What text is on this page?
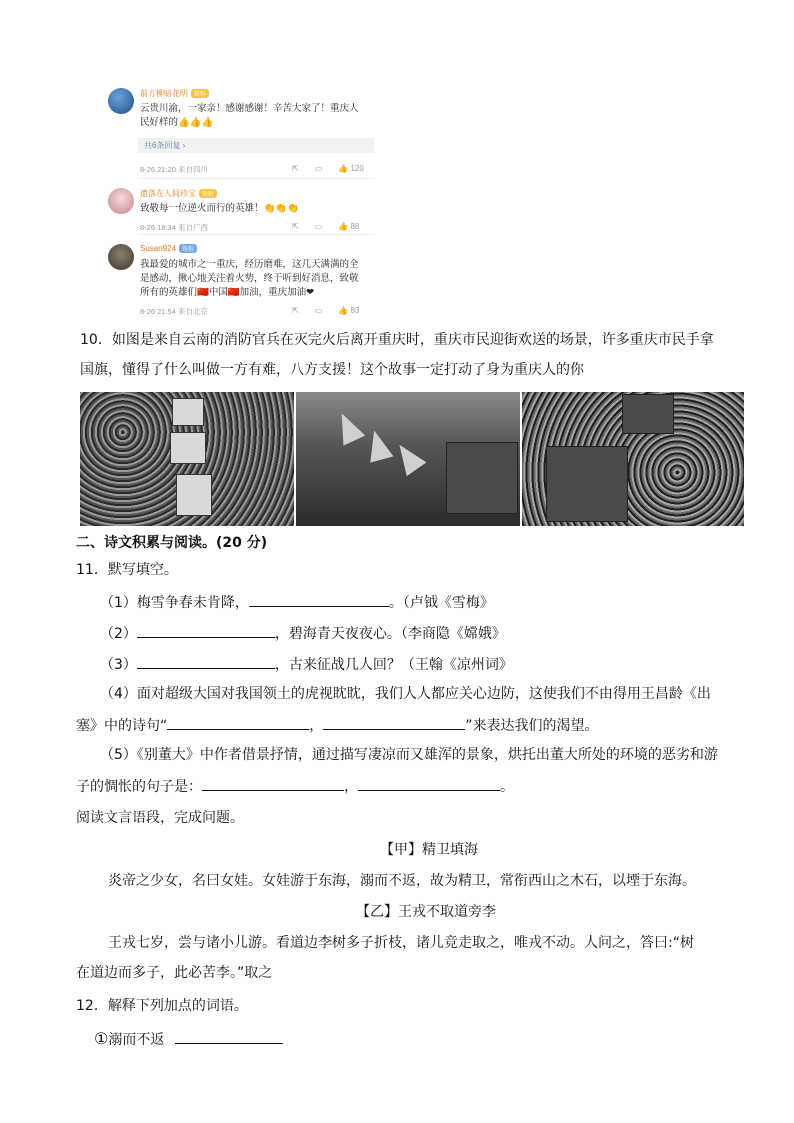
前方柳暗花明 铁粉
云贵川渝，一家亲！感谢感谢！辛苦大家了！重庆人
民好样的👍👍👍
共6条回复 ›
8-26 21:20 来自四川	⇱ ▭ 👍 120
遗落在人间珍宝 铁粉
致敬每一位逆火而行的英雄！👏👏👏
8-26 18:34 来自广西	⇱ ▭ 👍 88
Susan924 铁粉
我最爱的城市之一重庆，经历磨难，这几天满满的全
是感动，揪心地关注着火势，终于听到好消息，致敬
所有的英雄们🇨🇳中国🇨🇳加油，重庆加油❤
8-26 21:54 来自北京	⇱ ▭ 👍 83
10．如图是来自云南的消防官兵在灭完火后离开重庆时，重庆市民迎街欢送的场景，许多重庆市民手拿
国旗，懂得了什么叫做一方有难，八方支援！这个故事一定打动了身为重庆人的你
二、诗文积累与阅读。(20 分)
11．默写填空。
（1）梅雪争春未肯降，	。（卢钺《雪梅》
（2）	，碧海青天夜夜心。（李商隐《嫦娥》
（3）	，古来征战几人回？（王翰《凉州词》
（4）面对超级大国对我国领土的虎视眈眈，我们人人都应关心边防，这使我们不由得用王昌龄《出
塞》中的诗句“	，	”来表达我们的渴望。
（5）《别董大》中作者借景抒情，通过描写凄凉而又雄浑的景象，烘托出董大所处的环境的恶劣和游
子的惆怅的句子是：	，	。
阅读文言语段，完成问题。
【甲】精卫填海
炎帝之少女，名曰女娃。女娃游于东海，溺而不返，故为精卫，常衔西山之木石，以堙于东海。
【乙】王戎不取道旁李
王戎七岁，尝与诸小儿游。看道边李树多子折枝，诸儿竞走取之，唯戎不动。人问之，答曰:“树
在道边而多子，此必苦李。”取之
12．解释下列加点的词语。
①溺而不返
